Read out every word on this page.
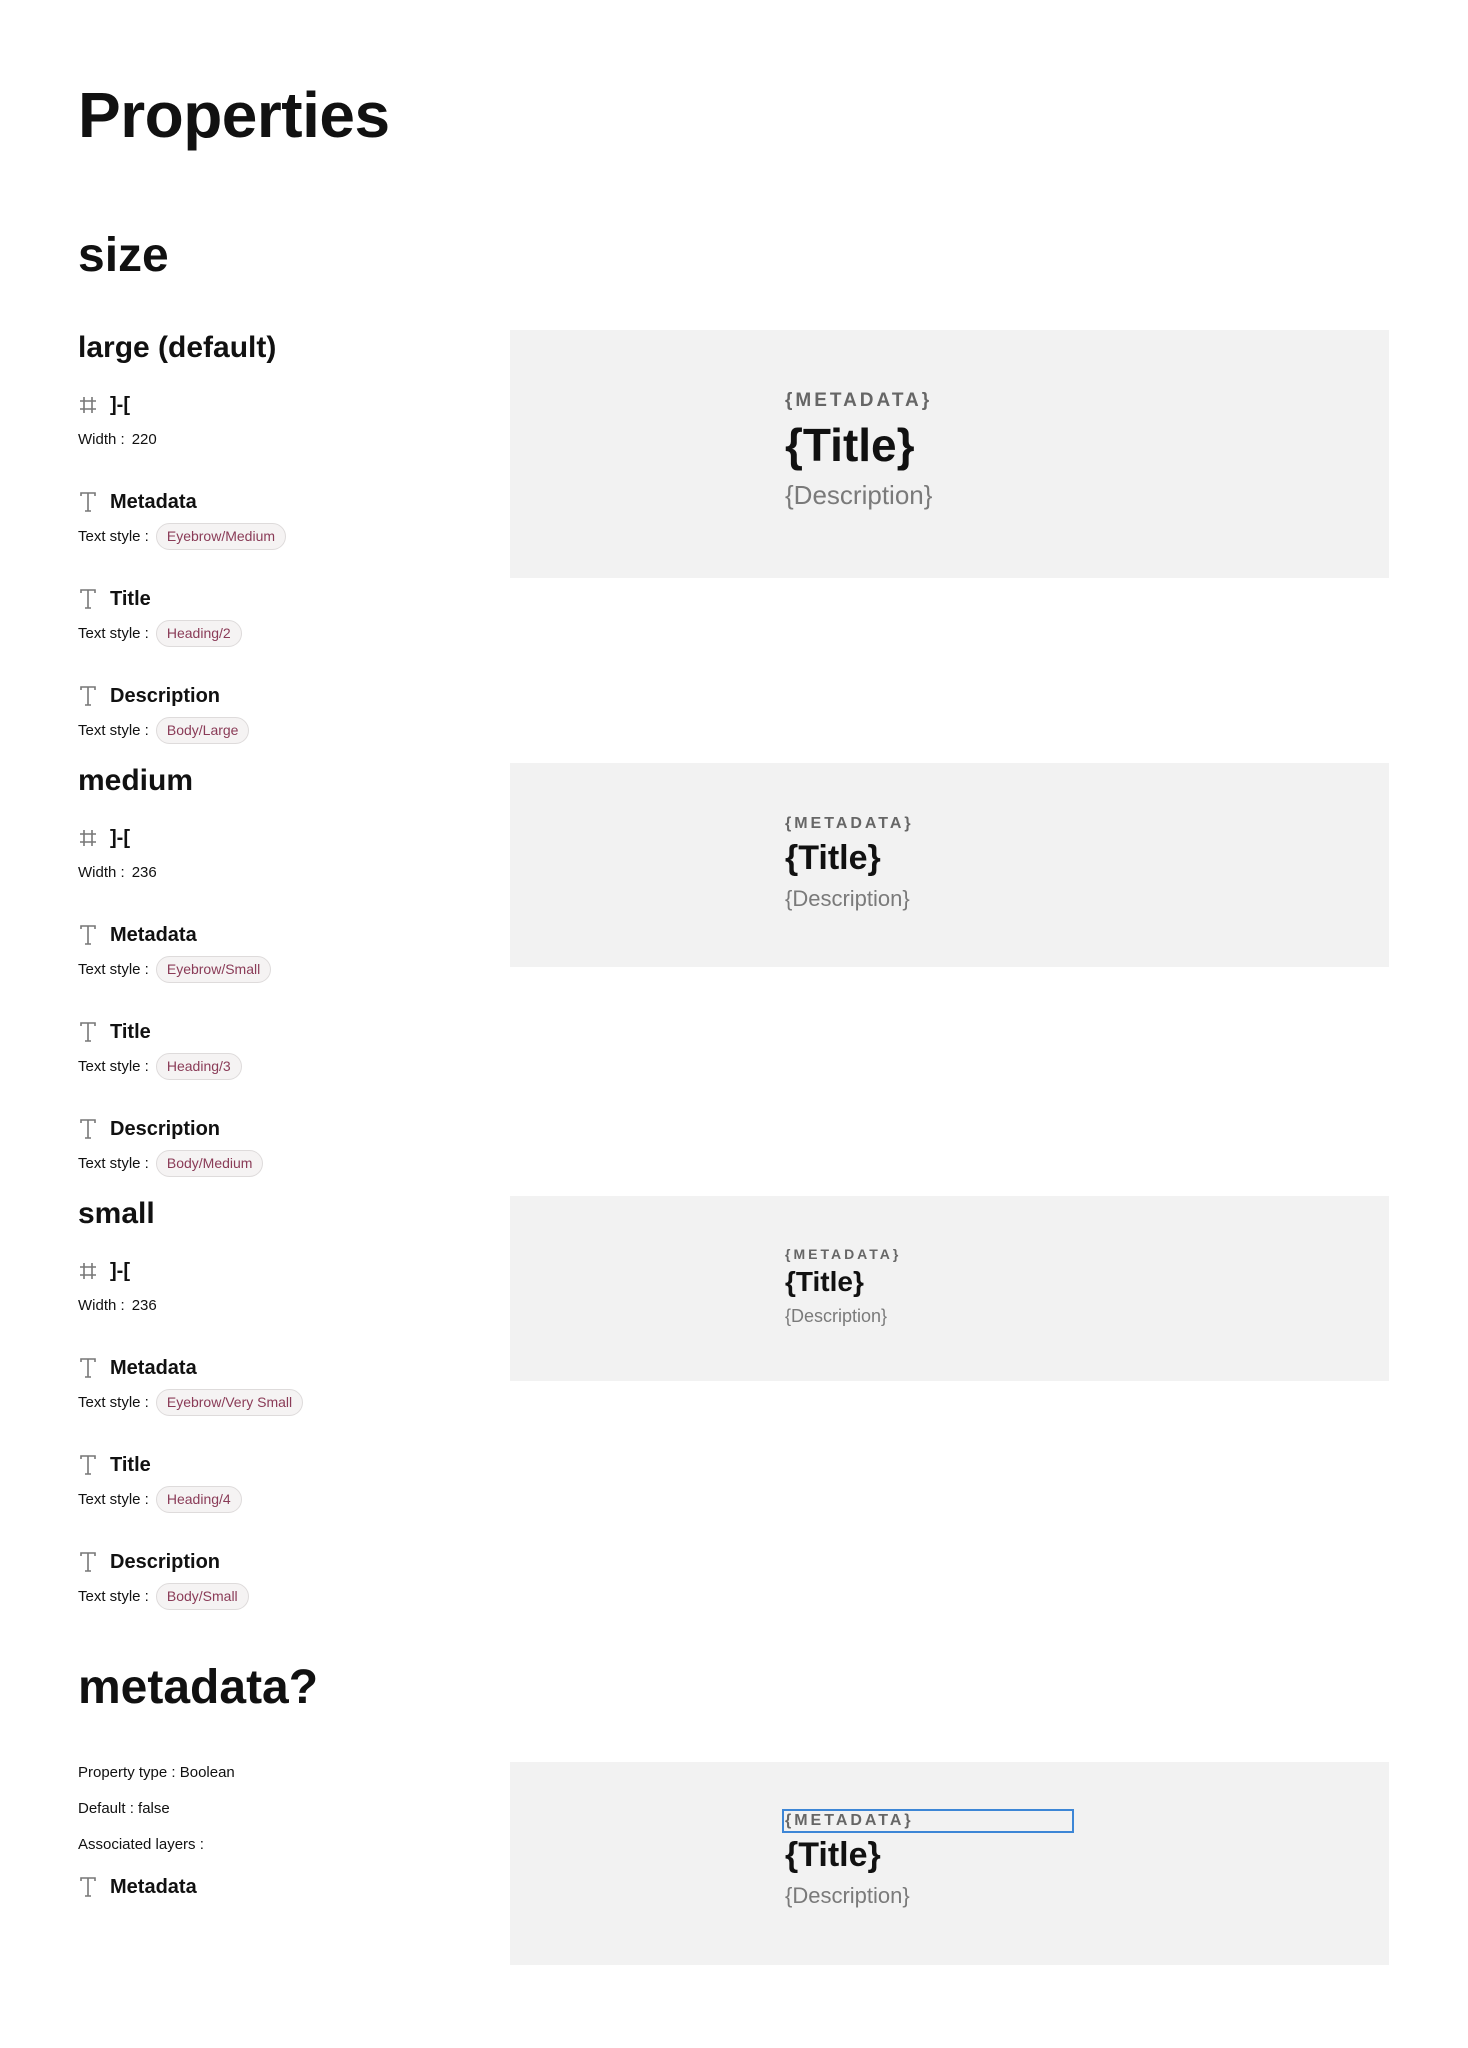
Properties
size
large (default)
]-[
Width : 220
Metadata
Text style :	Eyebrow/Medium
Title
Text style :	Heading/2
Description
Text style :	Body/Large
{METADATA}
{Title}
{Description}
medium
]-[
Width : 236
Metadata
Text style :	Eyebrow/Small
Title
Text style :	Heading/3
Description
Text style :	Body/Medium
{METADATA}
{Title}
{Description}
small
]-[
Width : 236
Metadata
Text style :	Eyebrow/Very Small
Title
Text style :	Heading/4
Description
Text style :	Body/Small
{METADATA}
{Title}
{Description}
metadata?
Property type : Boolean
Default : false
Associated layers :
Metadata
{METADATA}
{Title}
{Description}
